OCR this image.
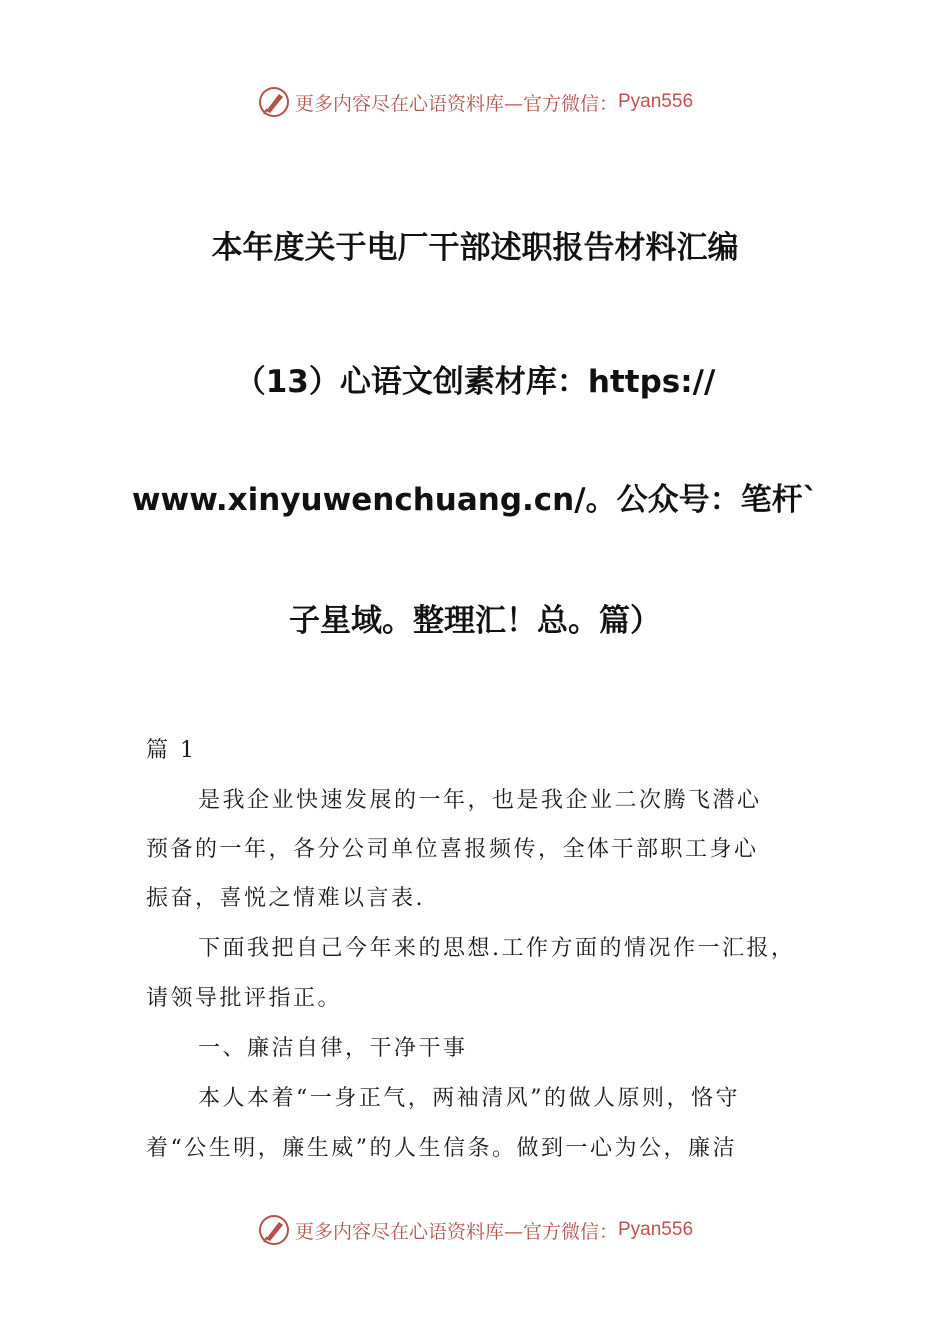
更多内容尽在心语资料库—官方微信： Pyan556
本年度关于电厂干部述职报告材料汇编
（13）心语文创素材库：https://
www.xinyuwenchuang.cn/。公众号：笔杆`
子星域。整理汇！总。篇）
篇 1
是我企业快速发展的一年，也是我企业二次腾飞潜心
预备的一年，各分公司单位喜报频传，全体干部职工身心
振奋，喜悦之情难以言表.
下面我把自己今年来的思想.工作方面的情况作一汇报，
请领导批评指正。
一、廉洁自律，干净干事
本人本着“一身正气，两袖清风”的做人原则，恪守
着“公生明，廉生威”的人生信条。做到一心为公，廉洁
更多内容尽在心语资料库—官方微信： Pyan556
